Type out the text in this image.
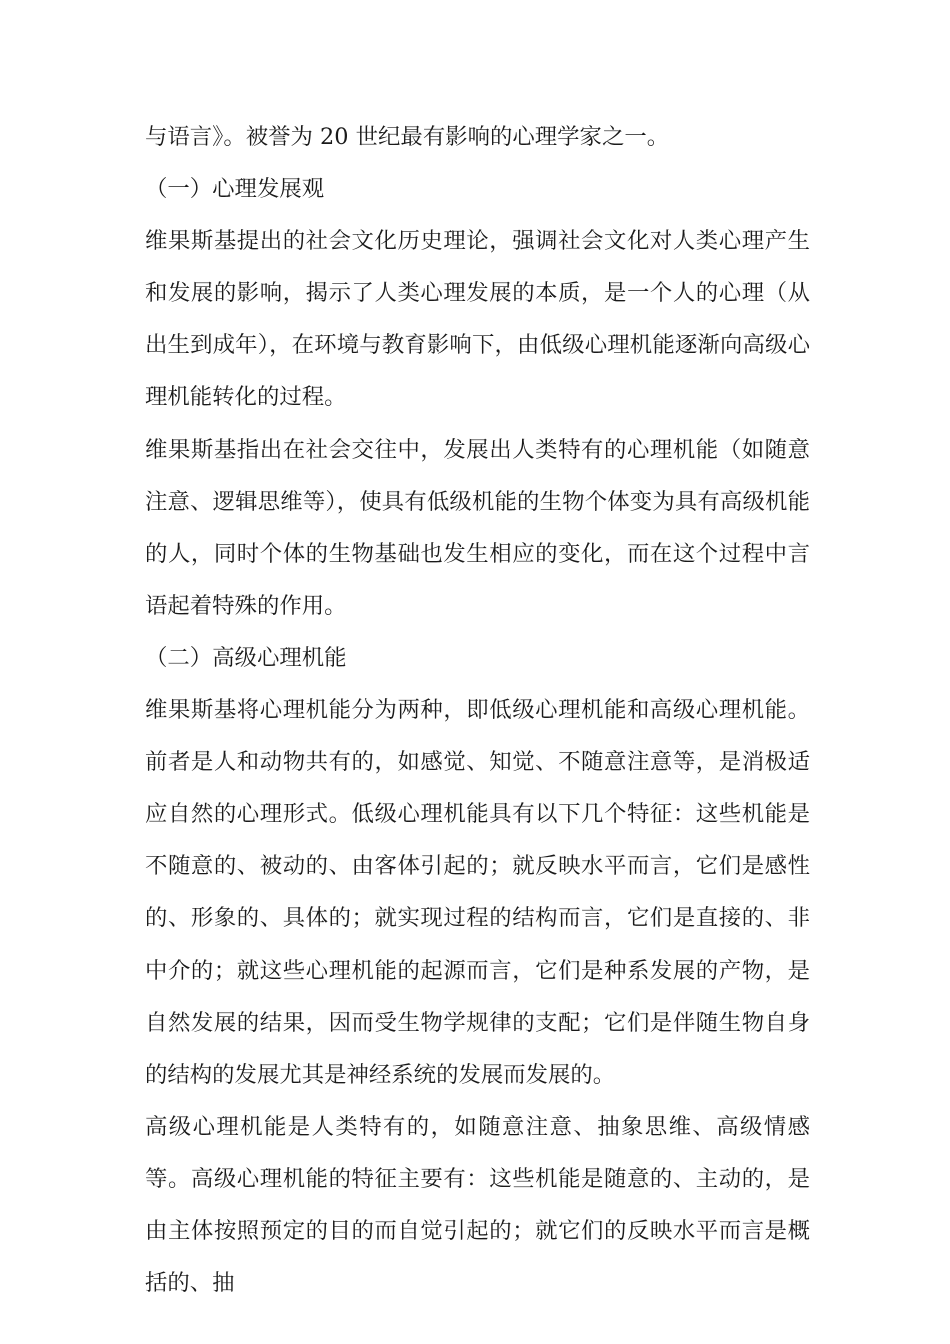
与语言》。被誉为 20 世纪最有影响的心理学家之一。

（一）心理发展观

维果斯基提出的社会文化历史理论，强调社会文化对人类心理产生和发展的影响，揭示了人类心理发展的本质，是一个人的心理（从出生到成年），在环境与教育影响下，由低级心理机能逐渐向高级心理机能转化的过程。

维果斯基指出在社会交往中，发展出人类特有的心理机能（如随意注意、逻辑思维等），使具有低级机能的生物个体变为具有高级机能的人，同时个体的生物基础也发生相应的变化，而在这个过程中言语起着特殊的作用。

（二）高级心理机能

维果斯基将心理机能分为两种，即低级心理机能和高级心理机能。前者是人和动物共有的，如感觉、知觉、不随意注意等，是消极适应自然的心理形式。低级心理机能具有以下几个特征：这些机能是不随意的、被动的、由客体引起的；就反映水平而言，它们是感性的、形象的、具体的；就实现过程的结构而言，它们是直接的、非中介的；就这些心理机能的起源而言，它们是种系发展的产物，是自然发展的结果，因而受生物学规律的支配；它们是伴随生物自身的结构的发展尤其是神经系统的发展而发展的。

高级心理机能是人类特有的，如随意注意、抽象思维、高级情感等。高级心理机能的特征主要有：这些机能是随意的、主动的，是由主体按照预定的目的而自觉引起的；就它们的反映水平而言是概括的、抽
